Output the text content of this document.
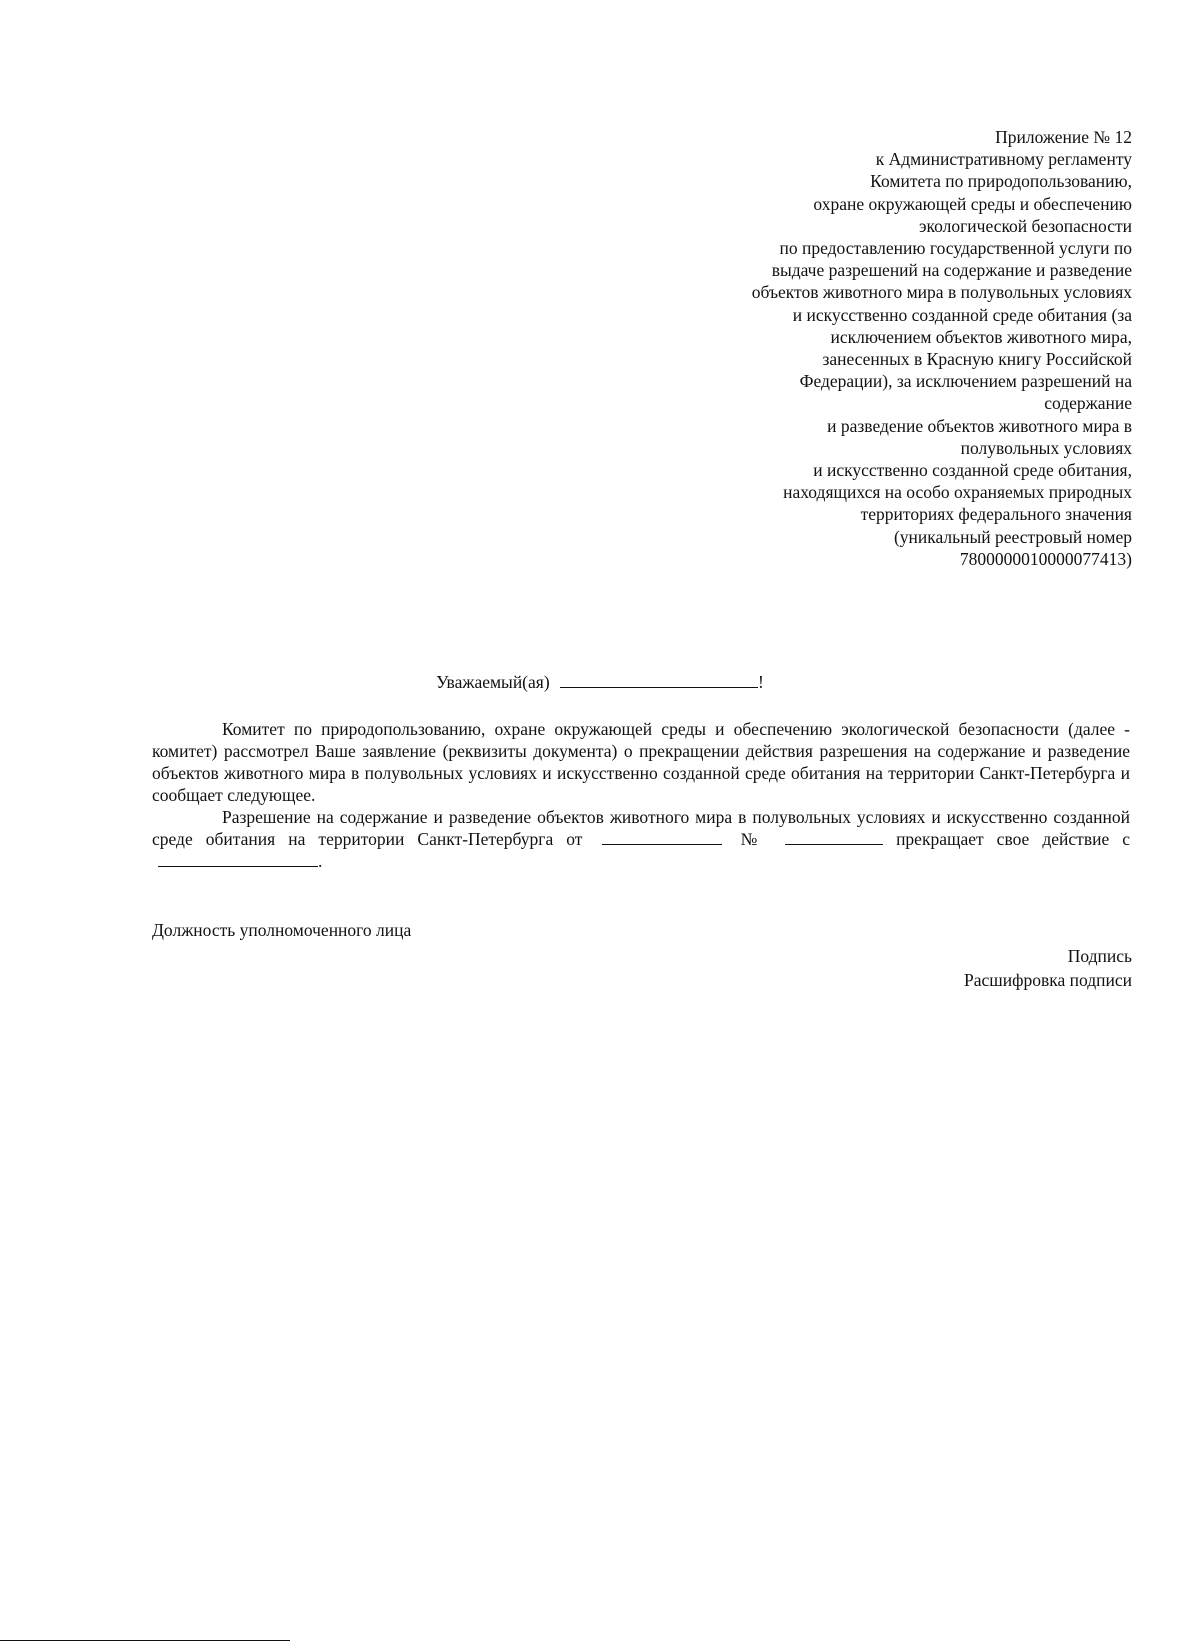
Приложение № 12
к Административному регламенту
Комитета по природопользованию,
охране окружающей среды и обеспечению
экологической безопасности
по предоставлению государственной услуги по
выдаче разрешений на содержание и разведение
объектов животного мира в полувольных условиях
и искусственно созданной среде обитания (за
исключением объектов животного мира,
занесенных в Красную книгу Российской
Федерации), за исключением разрешений на
содержание
и разведение объектов животного мира в
полувольных условиях
и искусственно созданной среде обитания,
находящихся на особо охраняемых природных
территориях федерального значения
(уникальный реестровый номер
7800000010000077413)
Уважаемый(ая)	!

Комитет по природопользованию, охране окружающей среды и обеспечению экологической безопасности (далее - комитет) рассмотрел Ваше заявление (реквизиты документа) о прекращении действия разрешения на содержание и разведение объектов животного мира в полувольных условиях и искусственно созданной среде обитания на территории Санкт-Петербурга и сообщает следующее.

Разрешение на содержание и разведение объектов животного мира в полувольных условиях и искусственно созданной среде обитания на территории Санкт-Петербурга от	№	прекращает свое действие с .

Должность уполномоченного лица
Подпись
Расшифровка подписи
